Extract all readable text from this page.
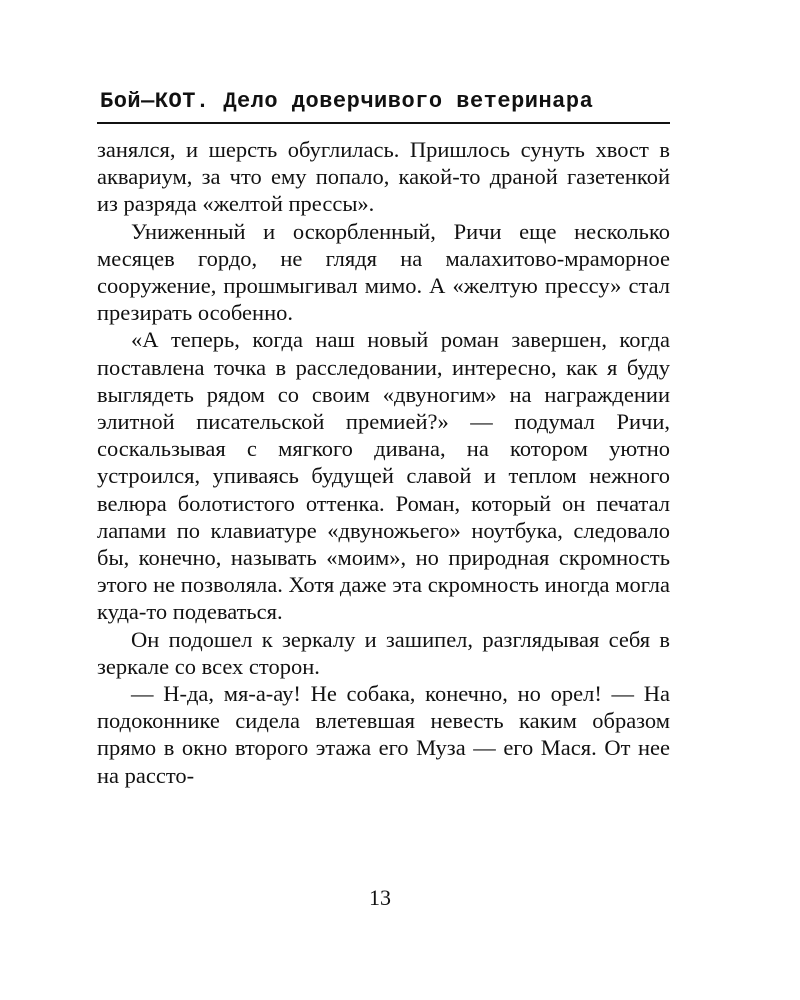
Бой—КОТ. Дело доверчивого ветеринара

занялся, и шерсть обуглилась. Пришлось сунуть хвост в аквариум, за что ему попало, какой-то драной газетенкой из разряда «желтой прессы».

Униженный и оскорбленный, Ричи еще несколько месяцев гордо, не глядя на малахитово-мраморное сооружение, прошмыгивал мимо. А «желтую прессу» стал презирать особенно.

«А теперь, когда наш новый роман завершен, когда поставлена точка в расследовании, интересно, как я буду выглядеть рядом со своим «двуногим» на награждении элитной писательской премией?» — подумал Ричи, соскальзывая с мягкого дивана, на котором уютно устроился, упиваясь будущей славой и теплом нежного велюра болотистого оттенка. Роман, который он печатал лапами по клавиатуре «двуножьего» ноутбука, следовало бы, конечно, называть «моим», но природная скромность этого не позволяла. Хотя даже эта скромность иногда могла куда-то подеваться.

Он подошел к зеркалу и зашипел, разглядывая себя в зеркале со всех сторон.

— Н-да, мя-а-ау! Не собака, конечно, но орел! — На подоконнике сидела влетевшая невесть каким образом прямо в окно второго этажа его Муза — его Мася. От нее на рассто-

13
